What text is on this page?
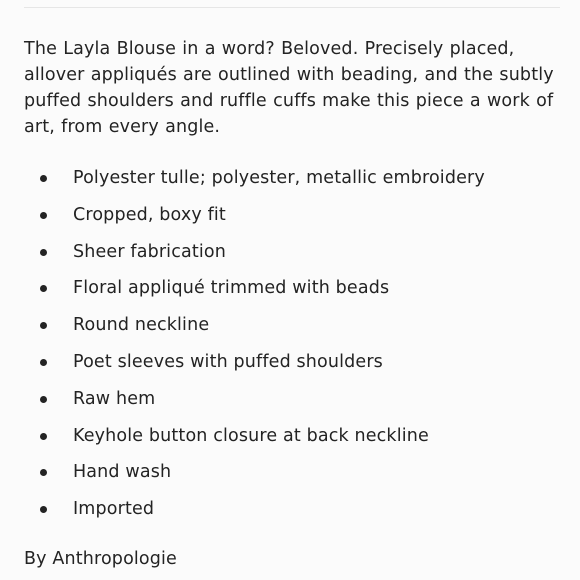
The Layla Blouse in a word? Beloved. Precisely placed, allover appliqués are outlined with beading, and the subtly puffed shoulders and ruffle cuffs make this piece a work of art, from every angle.

Polyester tulle; polyester, metallic embroidery
Cropped, boxy fit
Sheer fabrication
Floral appliqué trimmed with beads
Round neckline
Poet sleeves with puffed shoulders
Raw hem
Keyhole button closure at back neckline
Hand wash
Imported

By Anthropologie
